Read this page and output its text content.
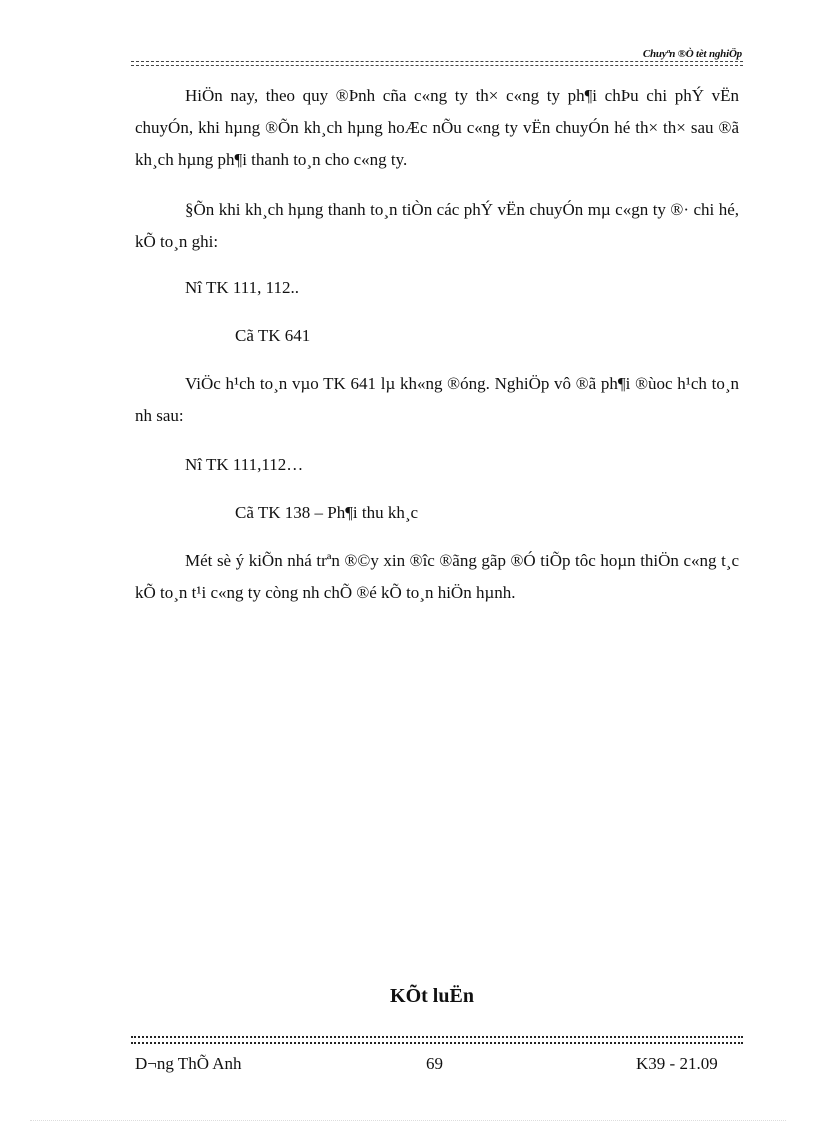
Chuyªn ®Ò tèt nghiÖp

HiÖn nay, theo quy ®Þnh cña c«ng ty th× c«ng ty ph¶i chÞu chi phÝ vËn chuyÓn, khi hµng ®Õn kh¸ch hµng hoÆc nÕu c«ng ty vËn chuyÓn hé th× th× sau ®ã kh¸ch hµng ph¶i thanh to¸n cho c«ng ty.

§Õn khi kh¸ch hµng thanh to¸n tiÒn các phÝ vËn chuyÓn mµ c«gn ty ®· chi hé, kÕ to¸n ghi:

Nî TK 111, 112..
Cã TK 641

ViÖc h¹ch to¸n vµo TK 641 lµ kh«ng ®óng. NghiÖp vô ®ã ph¶i ®ùoc h¹ch to¸n nh sau:

Nî TK 111,112…
Cã TK 138 – Ph¶i thu kh¸c

Mét sè ý kiÕn nhá trªn ®©y xin ®îc ®ãng gãp ®Ó tiÕp tôc hoµn thiÖn c«ng t¸c kÕ to¸n t¹i c«ng ty còng nh chÕ ®é kÕ to¸n hiÖn hµnh.

KÕt luËn
D¬ng ThÕ Anh	69	K39 - 21.09
